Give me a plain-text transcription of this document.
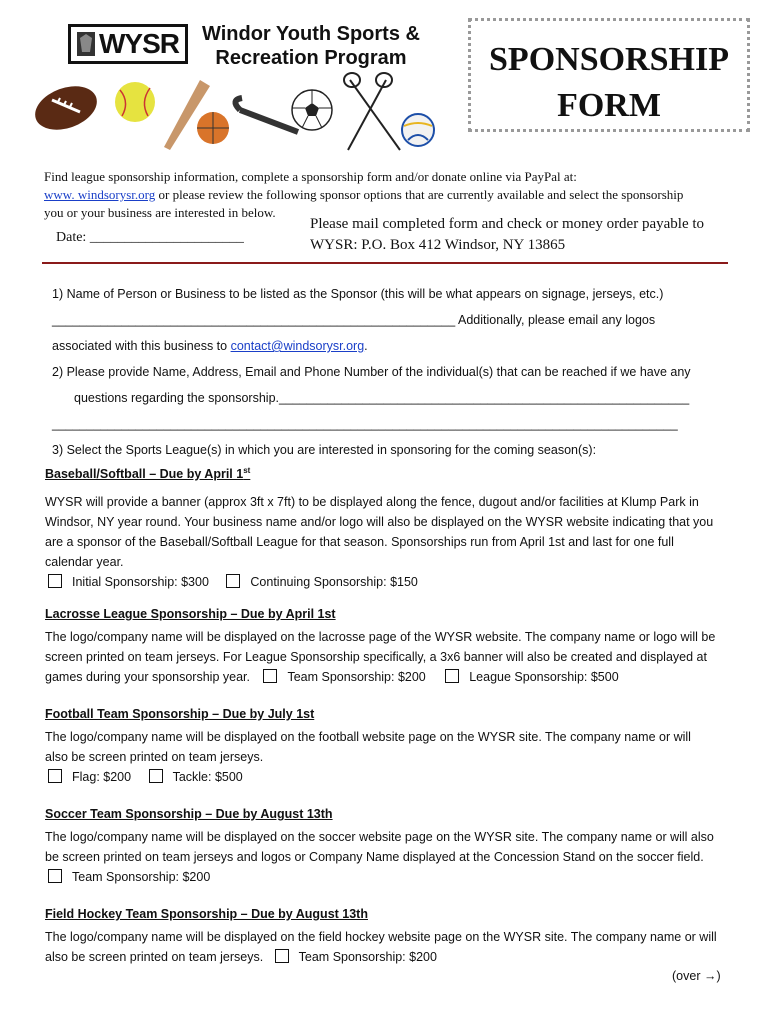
WYSR	Windor Youth Sports &
Recreation Program	SPONSORSHIP
FORM
Find league sponsorship information, complete a sponsorship form and/or donate online via PayPal at:
www. windsorysr.org or please review the following sponsor options that are currently available and select the sponsorship
you or your business are interested in below.
Date: ______________________
Please mail completed form and check or money order payable to
WYSR: P.O. Box 412 Windsor, NY 13865
1) Name of Person or Business to be listed as the Sponsor (this will be what appears on signage, jerseys, etc.)
__________________________________________________________ Additionally, please email any logos
associated with this business to contact@windsorysr.org.
2) Please provide Name, Address, Email and Phone Number of the individual(s) that can be reached if we have any
questions regarding the sponsorship.___________________________________________________________
__________________________________________________________________________________________
3) Select the Sports League(s) in which you are interested in sponsoring for the coming season(s):
Baseball/Softball – Due by April 1st
WYSR will provide a banner (approx 3ft x 7ft) to be displayed along the fence, dugout and/or facilities at Klump Park in
Windsor, NY year round. Your business name and/or logo will also be displayed on the WYSR website indicating that you
are a sponsor of the Baseball/Softball League for that season. Sponsorships run from April 1st and last for one full
calendar year.
Initial Sponsorship: $300	Continuing Sponsorship: $150
Lacrosse League Sponsorship – Due by April 1st
The logo/company name will be displayed on the lacrosse page of the WYSR website. The company name or logo will be
screen printed on team jerseys. For League Sponsorship specifically, a 3x6 banner will also be created and displayed at
games during your sponsorship year.	Team Sponsorship: $200	League Sponsorship: $500
Football Team Sponsorship – Due by July 1st
The logo/company name will be displayed on the football website page on the WYSR site. The company name or will
also be screen printed on team jerseys.
Flag: $200	Tackle: $500
Soccer Team Sponsorship – Due by August 13th
The logo/company name will be displayed on the soccer website page on the WYSR site. The company name or will also
be screen printed on team jerseys and logos or Company Name displayed at the Concession Stand on the soccer field.
Team Sponsorship: $200
Field Hockey Team Sponsorship – Due by August 13th
The logo/company name will be displayed on the field hockey website page on the WYSR site. The company name or will
also be screen printed on team jerseys.	Team Sponsorship: $200
(over →)
